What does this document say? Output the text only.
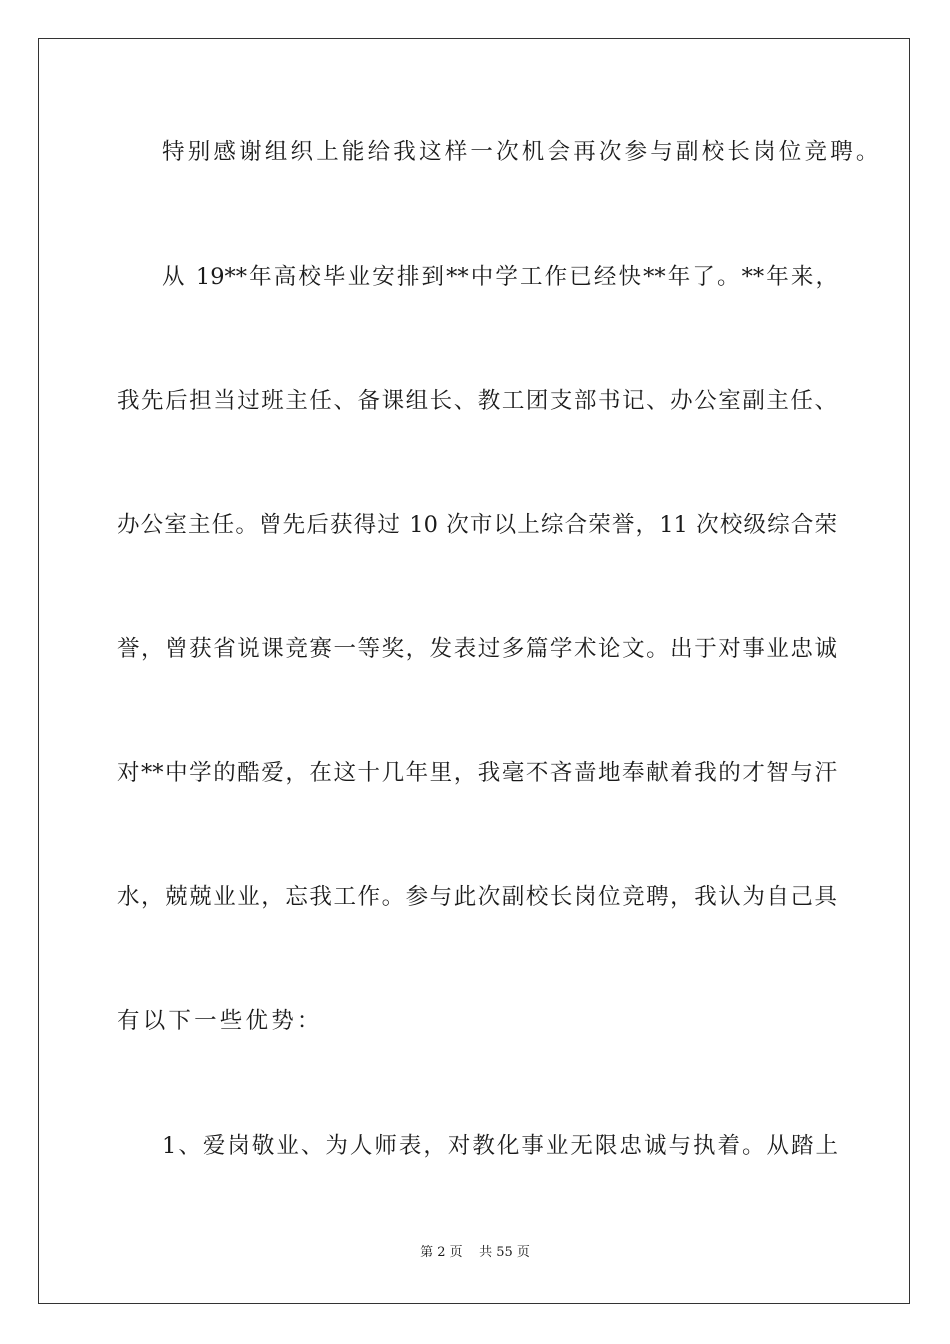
特别感谢组织上能给我这样一次机会再次参与副校长岗位竞聘。
从 19**年高校毕业安排到**中学工作已经快**年了。**年来，
我先后担当过班主任、备课组长、教工团支部书记、办公室副主任、
办公室主任。曾先后获得过 10 次市以上综合荣誉，11 次校级综合荣
誉，曾获省说课竞赛一等奖，发表过多篇学术论文。出于对事业忠诚
对**中学的酷爱，在这十几年里，我毫不吝啬地奉献着我的才智与汗
水，兢兢业业，忘我工作。参与此次副校长岗位竞聘，我认为自己具
有以下一些优势：
1、爱岗敬业、为人师表，对教化事业无限忠诚与执着。从踏上
第 2 页    共 55 页
